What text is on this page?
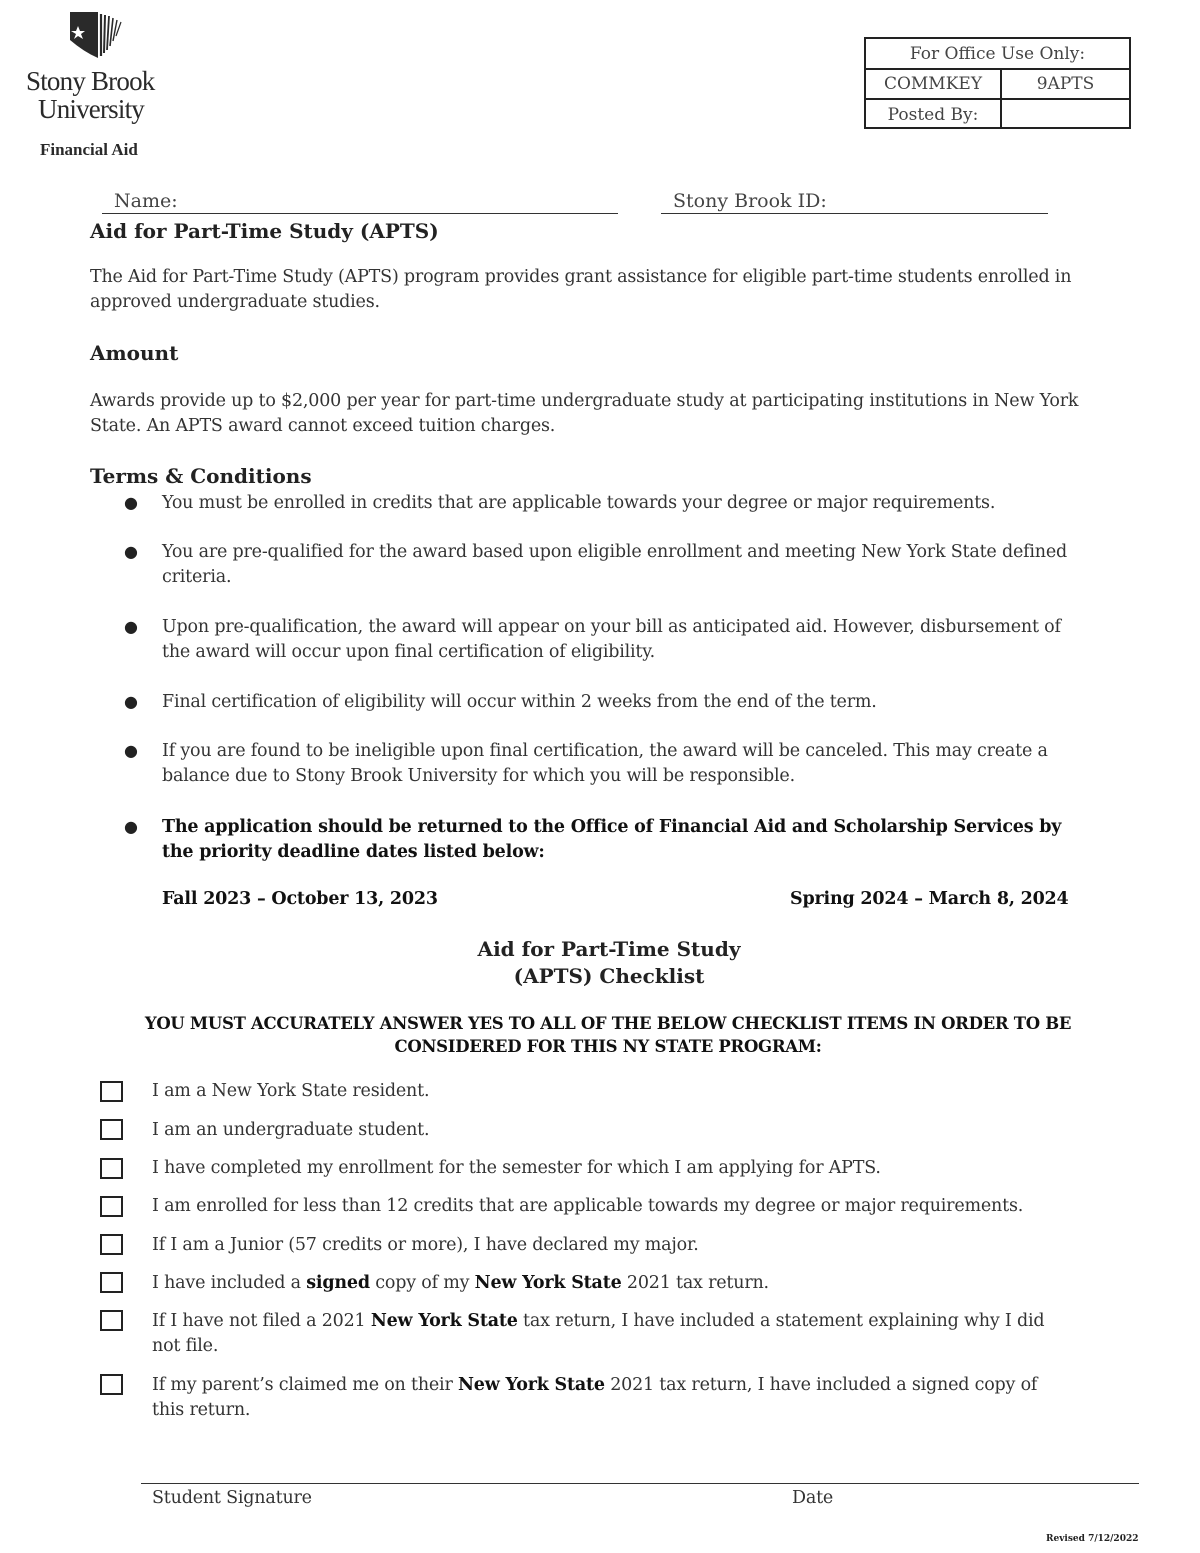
Stony Brook
University
Financial Aid
For Office Use Only:	
COMMKEY	9APTS
Posted By:	
Name:	Stony Brook ID:
Aid for Part-Time Study (APTS)
The Aid for Part-Time Study (APTS) program provides grant assistance for eligible part-time students enrolled in approved undergraduate studies.
Amount
Awards provide up to $2,000 per year for part-time undergraduate study at participating institutions in New York State. An APTS award cannot exceed tuition charges.
Terms & Conditions
● You must be enrolled in credits that are applicable towards your degree or major requirements.
● You are pre-qualified for the award based upon eligible enrollment and meeting New York State defined criteria.
● Upon pre-qualification, the award will appear on your bill as anticipated aid. However, disbursement of the award will occur upon final certification of eligibility.
● Final certification of eligibility will occur within 2 weeks from the end of the term.
● If you are found to be ineligible upon final certification, the award will be canceled. This may create a balance due to Stony Brook University for which you will be responsible.
● The application should be returned to the Office of Financial Aid and Scholarship Services by the priority deadline dates listed below:
Fall 2023 – October 13, 2023	Spring 2024 – March 8, 2024
Aid for Part-Time Study
(APTS) Checklist
YOU MUST ACCURATELY ANSWER YES TO ALL OF THE BELOW CHECKLIST ITEMS IN ORDER TO BE CONSIDERED FOR THIS NY STATE PROGRAM:
I am a New York State resident.
I am an undergraduate student.
I have completed my enrollment for the semester for which I am applying for APTS.
I am enrolled for less than 12 credits that are applicable towards my degree or major requirements.
If I am a Junior (57 credits or more), I have declared my major.
I have included a signed copy of my New York State 2021 tax return.
If I have not filed a 2021 New York State tax return, I have included a statement explaining why I did not file.
If my parent’s claimed me on their New York State 2021 tax return, I have included a signed copy of this return.
Student Signature	Date
Revised 7/12/2022
